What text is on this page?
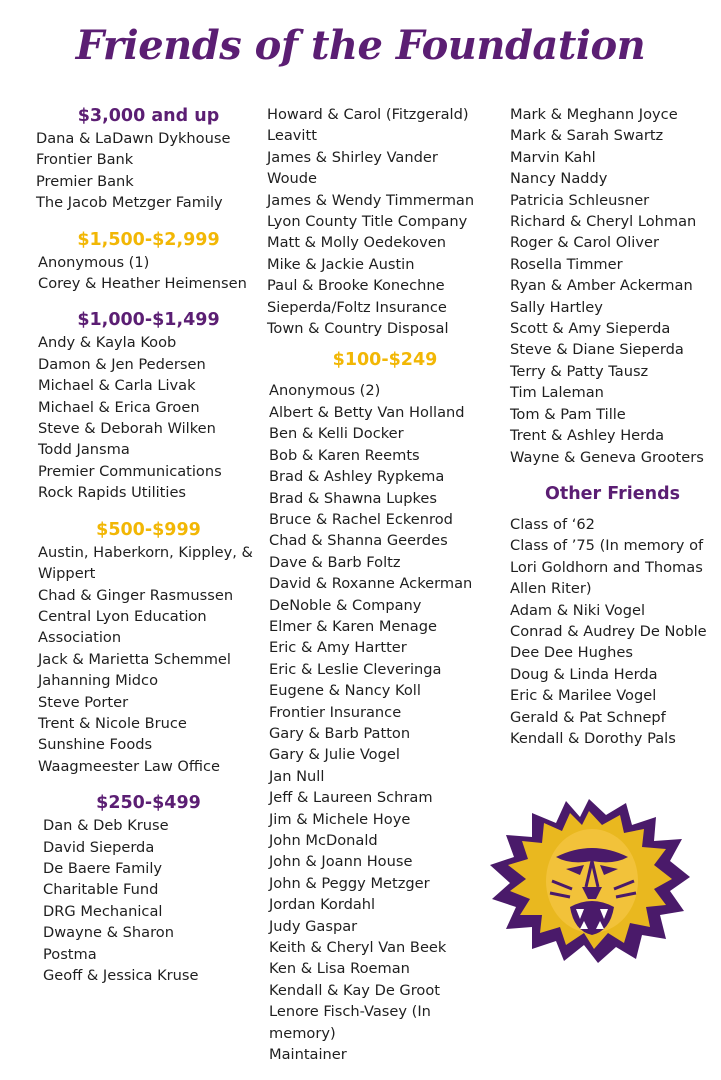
Friends of the Foundation
$3,000 and up
Dana & LaDawn Dykhouse
Frontier Bank
Premier Bank
The Jacob Metzger Family
$1,500-$2,999
Anonymous (1)
Corey & Heather Heimensen
$1,000-$1,499
Andy & Kayla Koob
Damon & Jen Pedersen
Michael & Carla Livak
Michael & Erica Groen
Steve & Deborah Wilken
Todd Jansma
Premier Communications
Rock Rapids Utilities
$500-$999
Austin, Haberkorn, Kippley, & Wippert
Chad & Ginger Rasmussen
Central Lyon Education Association
Jack & Marietta Schemmel
Jahanning Midco
Steve Porter
Trent & Nicole Bruce
Sunshine Foods
Waagmeester Law Office
$250-$499
Dan & Deb Kruse
David Sieperda
De Baere Family Charitable Fund
DRG Mechanical
Dwayne & Sharon Postma
Geoff & Jessica Kruse
Howard & Carol (Fitzgerald) Leavitt
James & Shirley Vander Woude
James & Wendy Timmerman
Lyon County Title Company
Matt & Molly Oedekoven
Mike & Jackie Austin
Paul & Brooke Konechne
Sieperda/Foltz Insurance
Town & Country Disposal
$100-$249
Anonymous (2)
Albert & Betty Van Holland
Ben & Kelli Docker
Bob & Karen Reemts
Brad & Ashley Rypkema
Brad & Shawna Lupkes
Bruce & Rachel Eckenrod
Chad & Shanna Geerdes
Dave & Barb Foltz
David & Roxanne Ackerman
DeNoble & Company
Elmer & Karen Menage
Eric & Amy Hartter
Eric & Leslie Cleveringa
Eugene & Nancy Koll
Frontier Insurance
Gary & Barb Patton
Gary & Julie Vogel
Jan Null
Jeff & Laureen Schram
Jim & Michele Hoye
John McDonald
John & Joann House
John & Peggy Metzger
Jordan Kordahl
Judy Gaspar
Keith & Cheryl Van Beek
Ken & Lisa Roeman
Kendall & Kay De Groot
Lenore Fisch-Vasey (In memory)
Maintainer
Mark & Meghann Joyce
Mark & Sarah Swartz
Marvin Kahl
Nancy Naddy
Patricia Schleusner
Richard & Cheryl Lohman
Roger & Carol Oliver
Rosella Timmer
Ryan & Amber Ackerman
Sally Hartley
Scott & Amy Sieperda
Steve & Diane Sieperda
Terry & Patty Tausz
Tim Laleman
Tom & Pam Tille
Trent & Ashley Herda
Wayne & Geneva Grooters
Other Friends
Class of ‘62
Class of ’75 (In memory of Lori Goldhorn and Thomas Allen Riter)
Adam & Niki Vogel
Conrad & Audrey De Noble
Dee Dee Hughes
Doug & Linda Herda
Eric & Marilee Vogel
Gerald & Pat Schnepf
Kendall & Dorothy Pals
